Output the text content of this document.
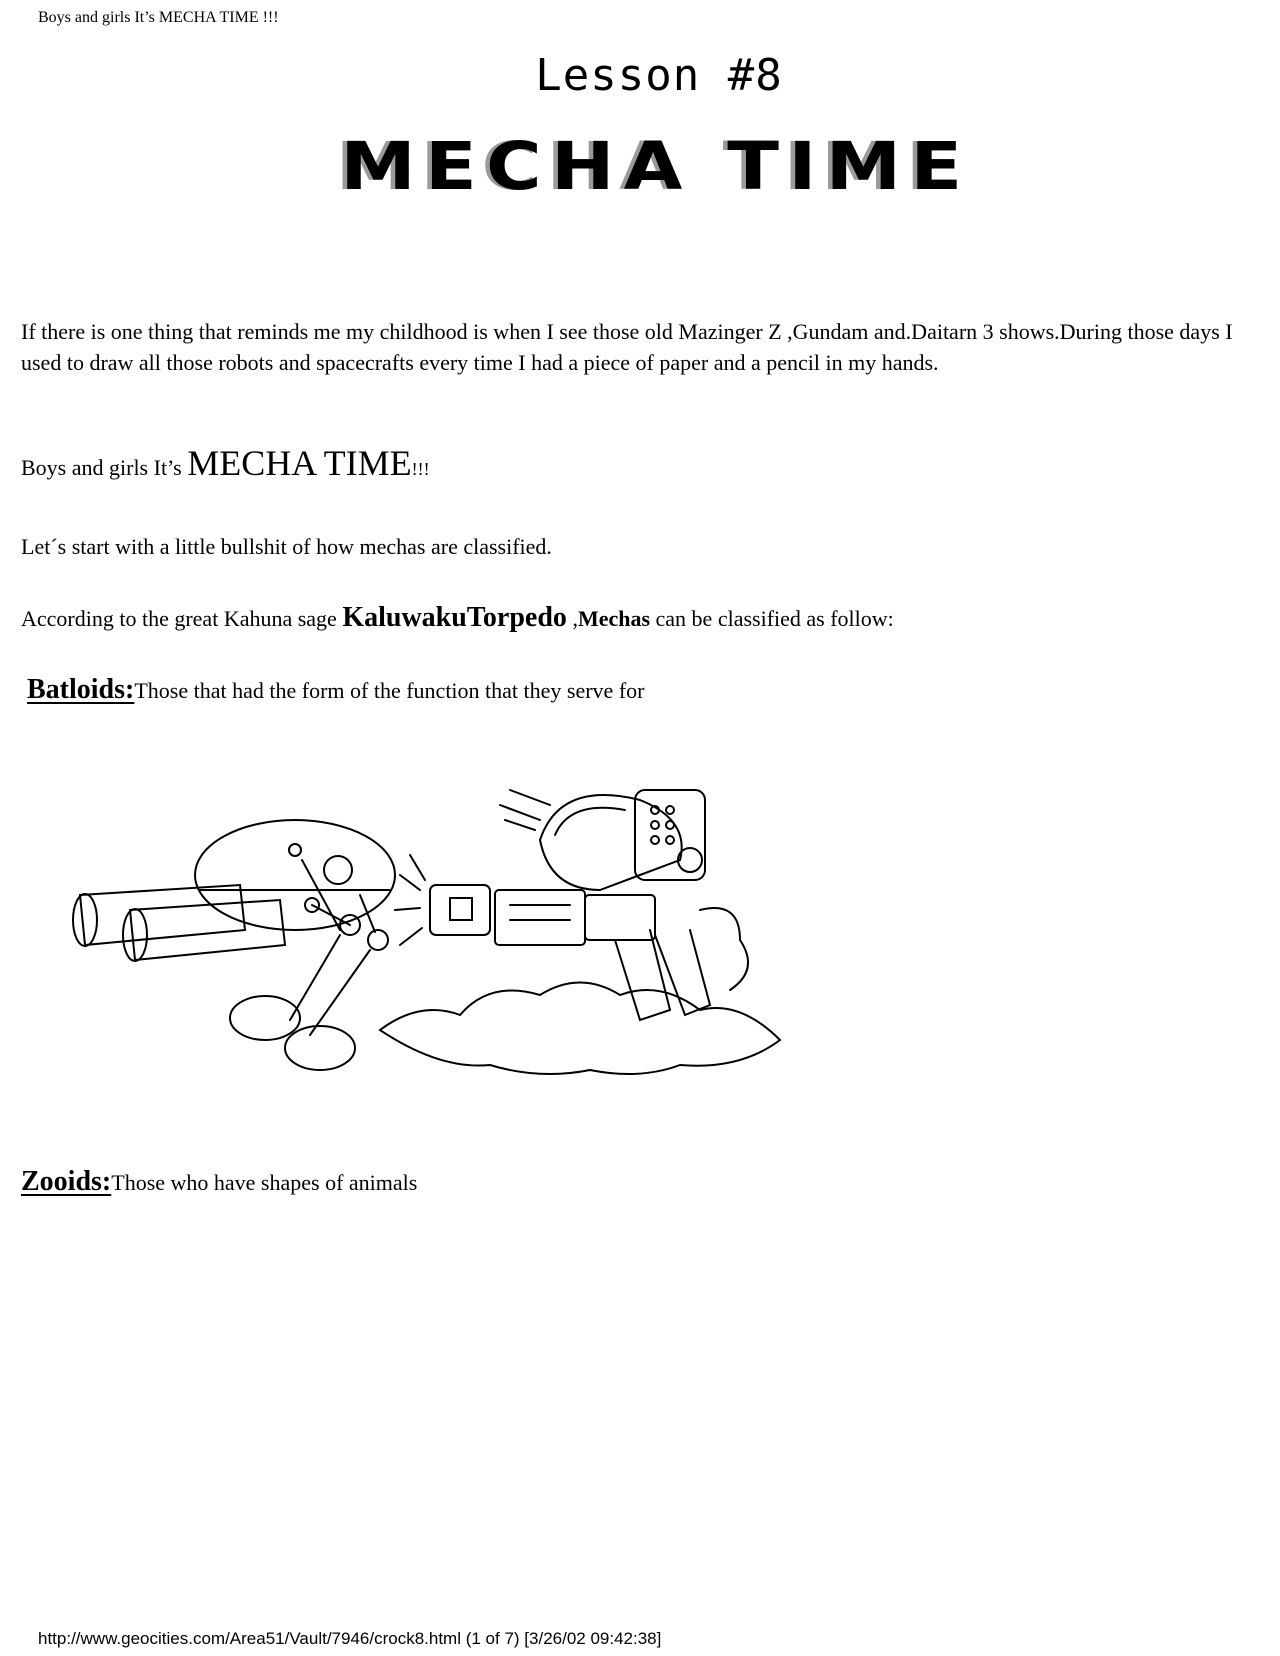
Boys and girls It’s MECHA TIME !!!
Lesson #8
MECHA TIME
If there is one thing that reminds me my childhood is when I see those old Mazinger Z ,Gundam and.Daitarn 3 shows.During those days I used to draw all those robots and spacecrafts every time I had a piece of paper and a pencil in my hands.
Boys and girls It’s MECHA TIME!!!
Let´s start with a little bullshit of how mechas are classified.
According to the great Kahuna sage KaluwakuTorpedo ,Mechas can be classified as follow:
Batloids:Those that had the form of the function that they serve for
Zooids:Those who have shapes of animals
http://www.geocities.com/Area51/Vault/7946/crock8.html (1 of 7) [3/26/02 09:42:38]
